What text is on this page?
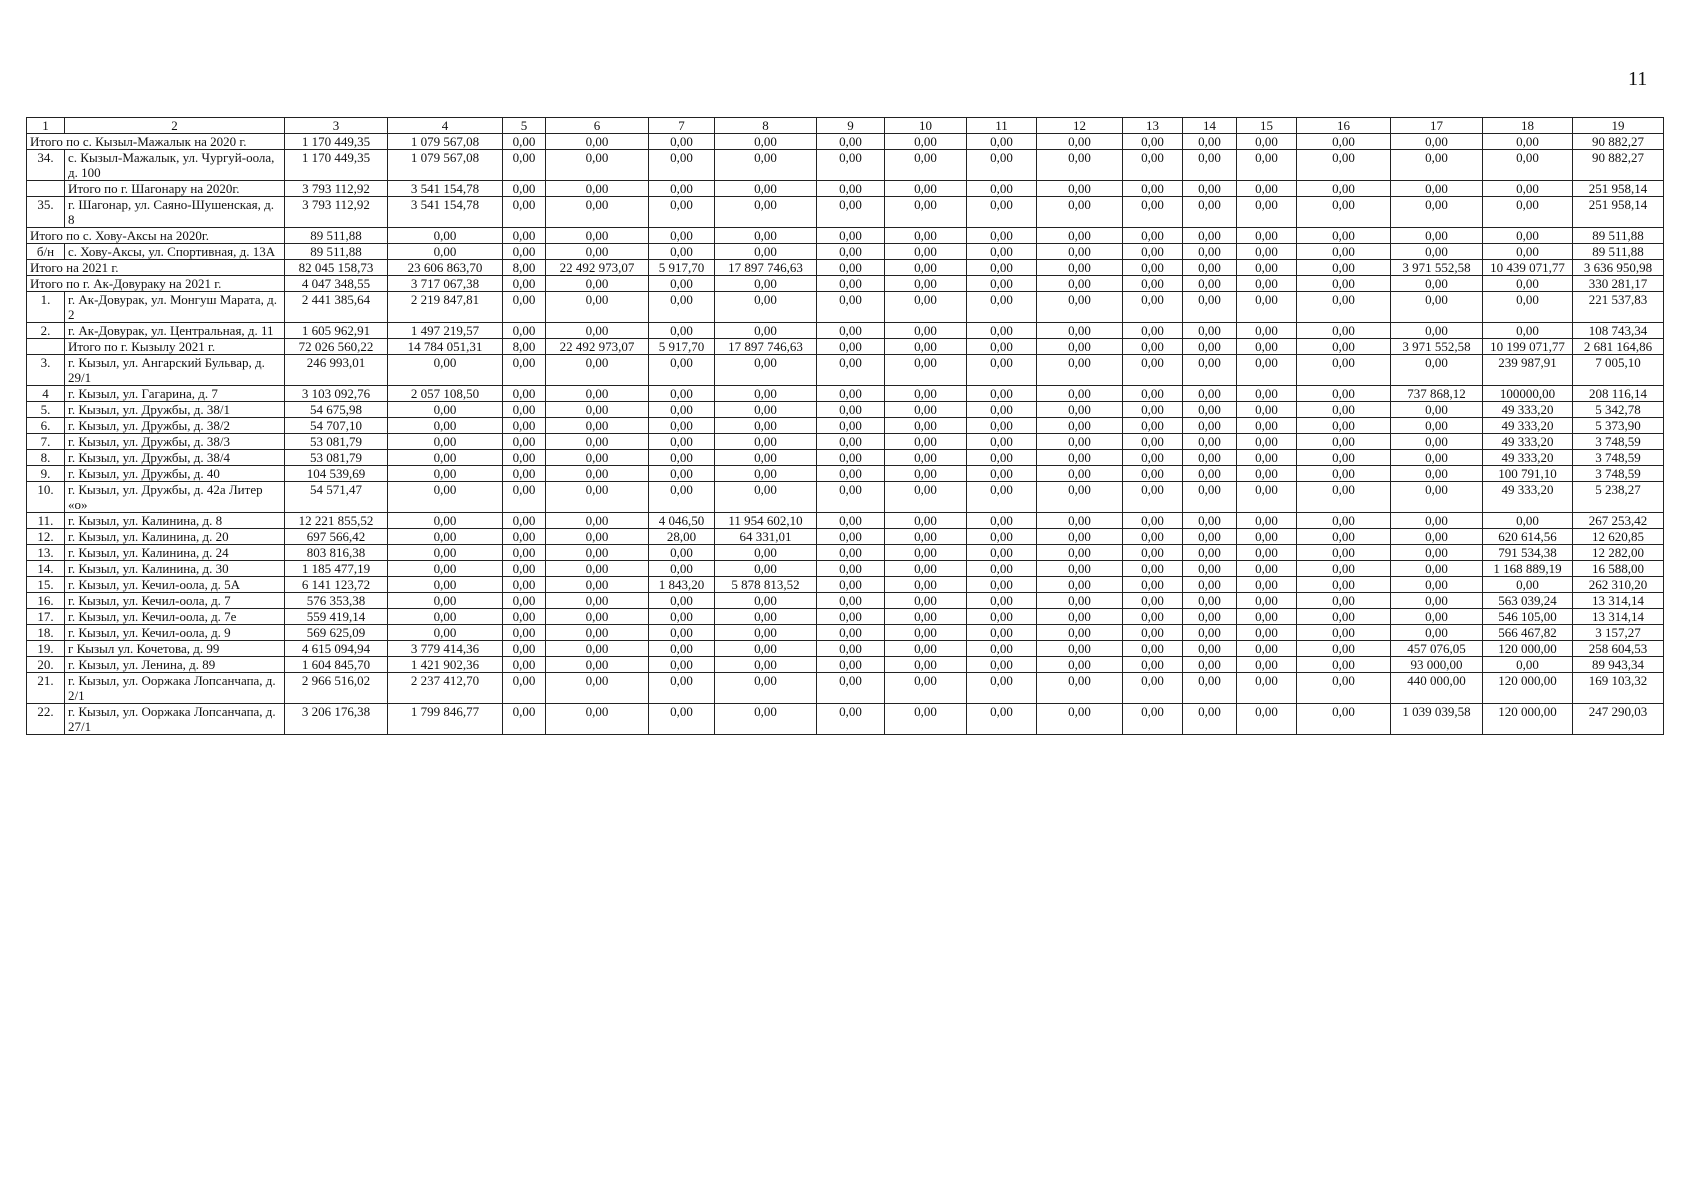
11
1	2	3	4	5	6	7	8	9	10	11	12	13	14	15	16	17	18	19
Итого по с. Кызыл-Мажалык на 2020 г.		1 170 449,35	1 079 567,08	0,00	0,00	0,00	0,00	0,00	0,00	0,00	0,00	0,00	0,00	0,00	0,00	0,00	0,00	90 882,27
34.	с. Кызыл-Мажалык, ул. Чургуй-оола, д. 100	1 170 449,35	1 079 567,08	0,00	0,00	0,00	0,00	0,00	0,00	0,00	0,00	0,00	0,00	0,00	0,00	0,00	0,00	90 882,27
	Итого по г. Шагонару на 2020г.	3 793 112,92	3 541 154,78	0,00	0,00	0,00	0,00	0,00	0,00	0,00	0,00	0,00	0,00	0,00	0,00	0,00	0,00	251 958,14
35.	г. Шагонар, ул. Саяно-Шушенская, д. 8	3 793 112,92	3 541 154,78	0,00	0,00	0,00	0,00	0,00	0,00	0,00	0,00	0,00	0,00	0,00	0,00	0,00	0,00	251 958,14
Итого по с. Хову-Аксы на 2020г.		89 511,88	0,00	0,00	0,00	0,00	0,00	0,00	0,00	0,00	0,00	0,00	0,00	0,00	0,00	0,00	0,00	89 511,88
б/н	с. Хову-Аксы, ул. Спортивная, д. 13А	89 511,88	0,00	0,00	0,00	0,00	0,00	0,00	0,00	0,00	0,00	0,00	0,00	0,00	0,00	0,00	0,00	89 511,88
Итого на 2021 г.		82 045 158,73	23 606 863,70	8,00	22 492 973,07	5 917,70	17 897 746,63	0,00	0,00	0,00	0,00	0,00	0,00	0,00	0,00	3 971 552,58	10 439 071,77	3 636 950,98
Итого по г. Ак-Довураку на 2021 г.		4 047 348,55	3 717 067,38	0,00	0,00	0,00	0,00	0,00	0,00	0,00	0,00	0,00	0,00	0,00	0,00	0,00	0,00	330 281,17
1.	г. Ак-Довурак, ул. Монгуш Марата, д. 2	2 441 385,64	2 219 847,81	0,00	0,00	0,00	0,00	0,00	0,00	0,00	0,00	0,00	0,00	0,00	0,00	0,00	0,00	221 537,83
2.	г. Ак-Довурак, ул. Центральная, д. 11	1 605 962,91	1 497 219,57	0,00	0,00	0,00	0,00	0,00	0,00	0,00	0,00	0,00	0,00	0,00	0,00	0,00	0,00	108 743,34
	Итого по г. Кызылу 2021 г.	72 026 560,22	14 784 051,31	8,00	22 492 973,07	5 917,70	17 897 746,63	0,00	0,00	0,00	0,00	0,00	0,00	0,00	0,00	3 971 552,58	10 199 071,77	2 681 164,86
3.	г. Кызыл, ул. Ангарский Бульвар, д. 29/1	246 993,01	0,00	0,00	0,00	0,00	0,00	0,00	0,00	0,00	0,00	0,00	0,00	0,00	0,00	0,00	239 987,91	7 005,10
4	г. Кызыл, ул. Гагарина, д. 7	3 103 092,76	2 057 108,50	0,00	0,00	0,00	0,00	0,00	0,00	0,00	0,00	0,00	0,00	0,00	0,00	737 868,12	100000,00	208 116,14
5.	г. Кызыл, ул. Дружбы, д. 38/1	54 675,98	0,00	0,00	0,00	0,00	0,00	0,00	0,00	0,00	0,00	0,00	0,00	0,00	0,00	0,00	49 333,20	5 342,78
6.	г. Кызыл, ул. Дружбы, д. 38/2	54 707,10	0,00	0,00	0,00	0,00	0,00	0,00	0,00	0,00	0,00	0,00	0,00	0,00	0,00	0,00	49 333,20	5 373,90
7.	г. Кызыл, ул. Дружбы, д. 38/3	53 081,79	0,00	0,00	0,00	0,00	0,00	0,00	0,00	0,00	0,00	0,00	0,00	0,00	0,00	0,00	49 333,20	3 748,59
8.	г. Кызыл, ул. Дружбы, д. 38/4	53 081,79	0,00	0,00	0,00	0,00	0,00	0,00	0,00	0,00	0,00	0,00	0,00	0,00	0,00	0,00	49 333,20	3 748,59
9.	г. Кызыл, ул. Дружбы, д. 40	104 539,69	0,00	0,00	0,00	0,00	0,00	0,00	0,00	0,00	0,00	0,00	0,00	0,00	0,00	0,00	100 791,10	3 748,59
10.	г. Кызыл, ул. Дружбы, д. 42а Литер «о»	54 571,47	0,00	0,00	0,00	0,00	0,00	0,00	0,00	0,00	0,00	0,00	0,00	0,00	0,00	0,00	49 333,20	5 238,27
11.	г. Кызыл, ул. Калинина, д. 8	12 221 855,52	0,00	0,00	0,00	4 046,50	11 954 602,10	0,00	0,00	0,00	0,00	0,00	0,00	0,00	0,00	0,00	0,00	267 253,42
12.	г. Кызыл, ул. Калинина, д. 20	697 566,42	0,00	0,00	0,00	28,00	64 331,01	0,00	0,00	0,00	0,00	0,00	0,00	0,00	0,00	0,00	620 614,56	12 620,85
13.	г. Кызыл, ул. Калинина, д. 24	803 816,38	0,00	0,00	0,00	0,00	0,00	0,00	0,00	0,00	0,00	0,00	0,00	0,00	0,00	0,00	791 534,38	12 282,00
14.	г. Кызыл, ул. Калинина, д. 30	1 185 477,19	0,00	0,00	0,00	0,00	0,00	0,00	0,00	0,00	0,00	0,00	0,00	0,00	0,00	0,00	1 168 889,19	16 588,00
15.	г. Кызыл, ул. Кечил-оола, д. 5А	6 141 123,72	0,00	0,00	0,00	1 843,20	5 878 813,52	0,00	0,00	0,00	0,00	0,00	0,00	0,00	0,00	0,00	0,00	262 310,20
16.	г. Кызыл, ул. Кечил-оола, д. 7	576 353,38	0,00	0,00	0,00	0,00	0,00	0,00	0,00	0,00	0,00	0,00	0,00	0,00	0,00	0,00	563 039,24	13 314,14
17.	г. Кызыл, ул. Кечил-оола, д. 7е	559 419,14	0,00	0,00	0,00	0,00	0,00	0,00	0,00	0,00	0,00	0,00	0,00	0,00	0,00	0,00	546 105,00	13 314,14
18.	г. Кызыл, ул. Кечил-оола, д. 9	569 625,09	0,00	0,00	0,00	0,00	0,00	0,00	0,00	0,00	0,00	0,00	0,00	0,00	0,00	0,00	566 467,82	3 157,27
19.	г Кызыл ул. Кочетова, д. 99	4 615 094,94	3 779 414,36	0,00	0,00	0,00	0,00	0,00	0,00	0,00	0,00	0,00	0,00	0,00	0,00	457 076,05	120 000,00	258 604,53
20.	г. Кызыл, ул. Ленина, д. 89	1 604 845,70	1 421 902,36	0,00	0,00	0,00	0,00	0,00	0,00	0,00	0,00	0,00	0,00	0,00	0,00	93 000,00	0,00	89 943,34
21.	г. Кызыл, ул. Ооржака Лопсанчапа, д. 2/1	2 966 516,02	2 237 412,70	0,00	0,00	0,00	0,00	0,00	0,00	0,00	0,00	0,00	0,00	0,00	0,00	440 000,00	120 000,00	169 103,32
22.	г. Кызыл, ул. Ооржака Лопсанчапа, д. 27/1	3 206 176,38	1 799 846,77	0,00	0,00	0,00	0,00	0,00	0,00	0,00	0,00	0,00	0,00	0,00	0,00	1 039 039,58	120 000,00	247 290,03
